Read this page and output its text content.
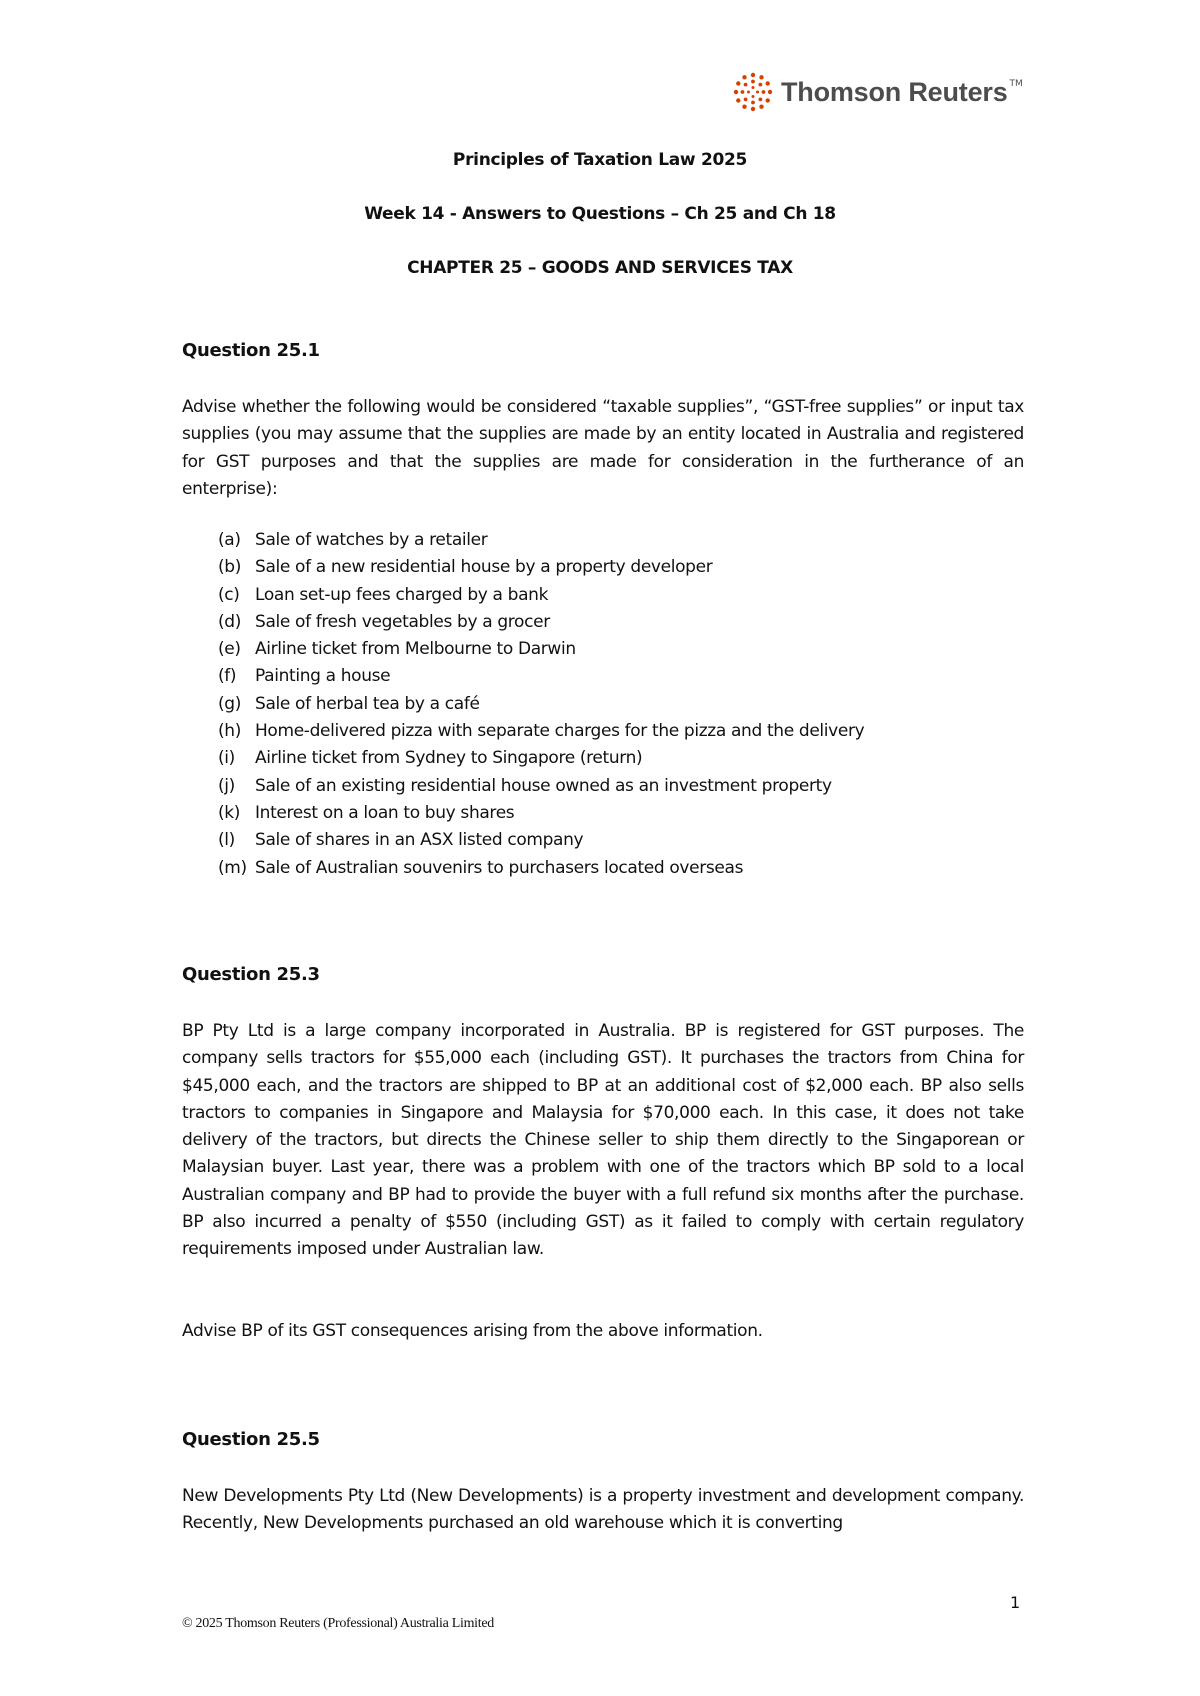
Thomson Reuters TM
Principles of Taxation Law 2025
Week 14 - Answers to Questions – Ch 25 and Ch 18
CHAPTER 25 – GOODS AND SERVICES TAX
Question 25.1

Advise whether the following would be considered “taxable supplies”, “GST-free supplies” or input tax supplies (you may assume that the supplies are made by an entity located in Australia and registered for GST purposes and that the supplies are made for consideration in the furtherance of an enterprise):

(a) Sale of watches by a retailer
(b) Sale of a new residential house by a property developer
(c) Loan set-up fees charged by a bank
(d) Sale of fresh vegetables by a grocer
(e) Airline ticket from Melbourne to Darwin
(f)	Painting a house
(g) Sale of herbal tea by a café
(h) Home-delivered pizza with separate charges for the pizza and the delivery
(i)	Airline ticket from Sydney to Singapore (return)
(j)	Sale of an existing residential house owned as an investment property
(k) Interest on a loan to buy shares
(l)	Sale of shares in an ASX listed company
(m) Sale of Australian souvenirs to purchasers located overseas
Question 25.3

BP Pty Ltd is a large company incorporated in Australia. BP is registered for GST purposes. The company sells tractors for $55,000 each (including GST). It purchases the tractors from China for $45,000 each, and the tractors are shipped to BP at an additional cost of $2,000 each. BP also sells tractors to companies in Singapore and Malaysia for $70,000 each. In this case, it does not take delivery of the tractors, but directs the Chinese seller to ship them directly to the Singaporean or Malaysian buyer. Last year, there was a problem with one of the tractors which BP sold to a local Australian company and BP had to provide the buyer with a full refund six months after the purchase. BP also incurred a penalty of $550 (including GST) as it failed to comply with certain regulatory requirements imposed under Australian law.

Advise BP of its GST consequences arising from the above information.

Question 25.5

New Developments Pty Ltd (New Developments) is a property investment and development company. Recently, New Developments purchased an old warehouse which it is converting

1
© 2025 Thomson Reuters (Professional) Australia Limited
